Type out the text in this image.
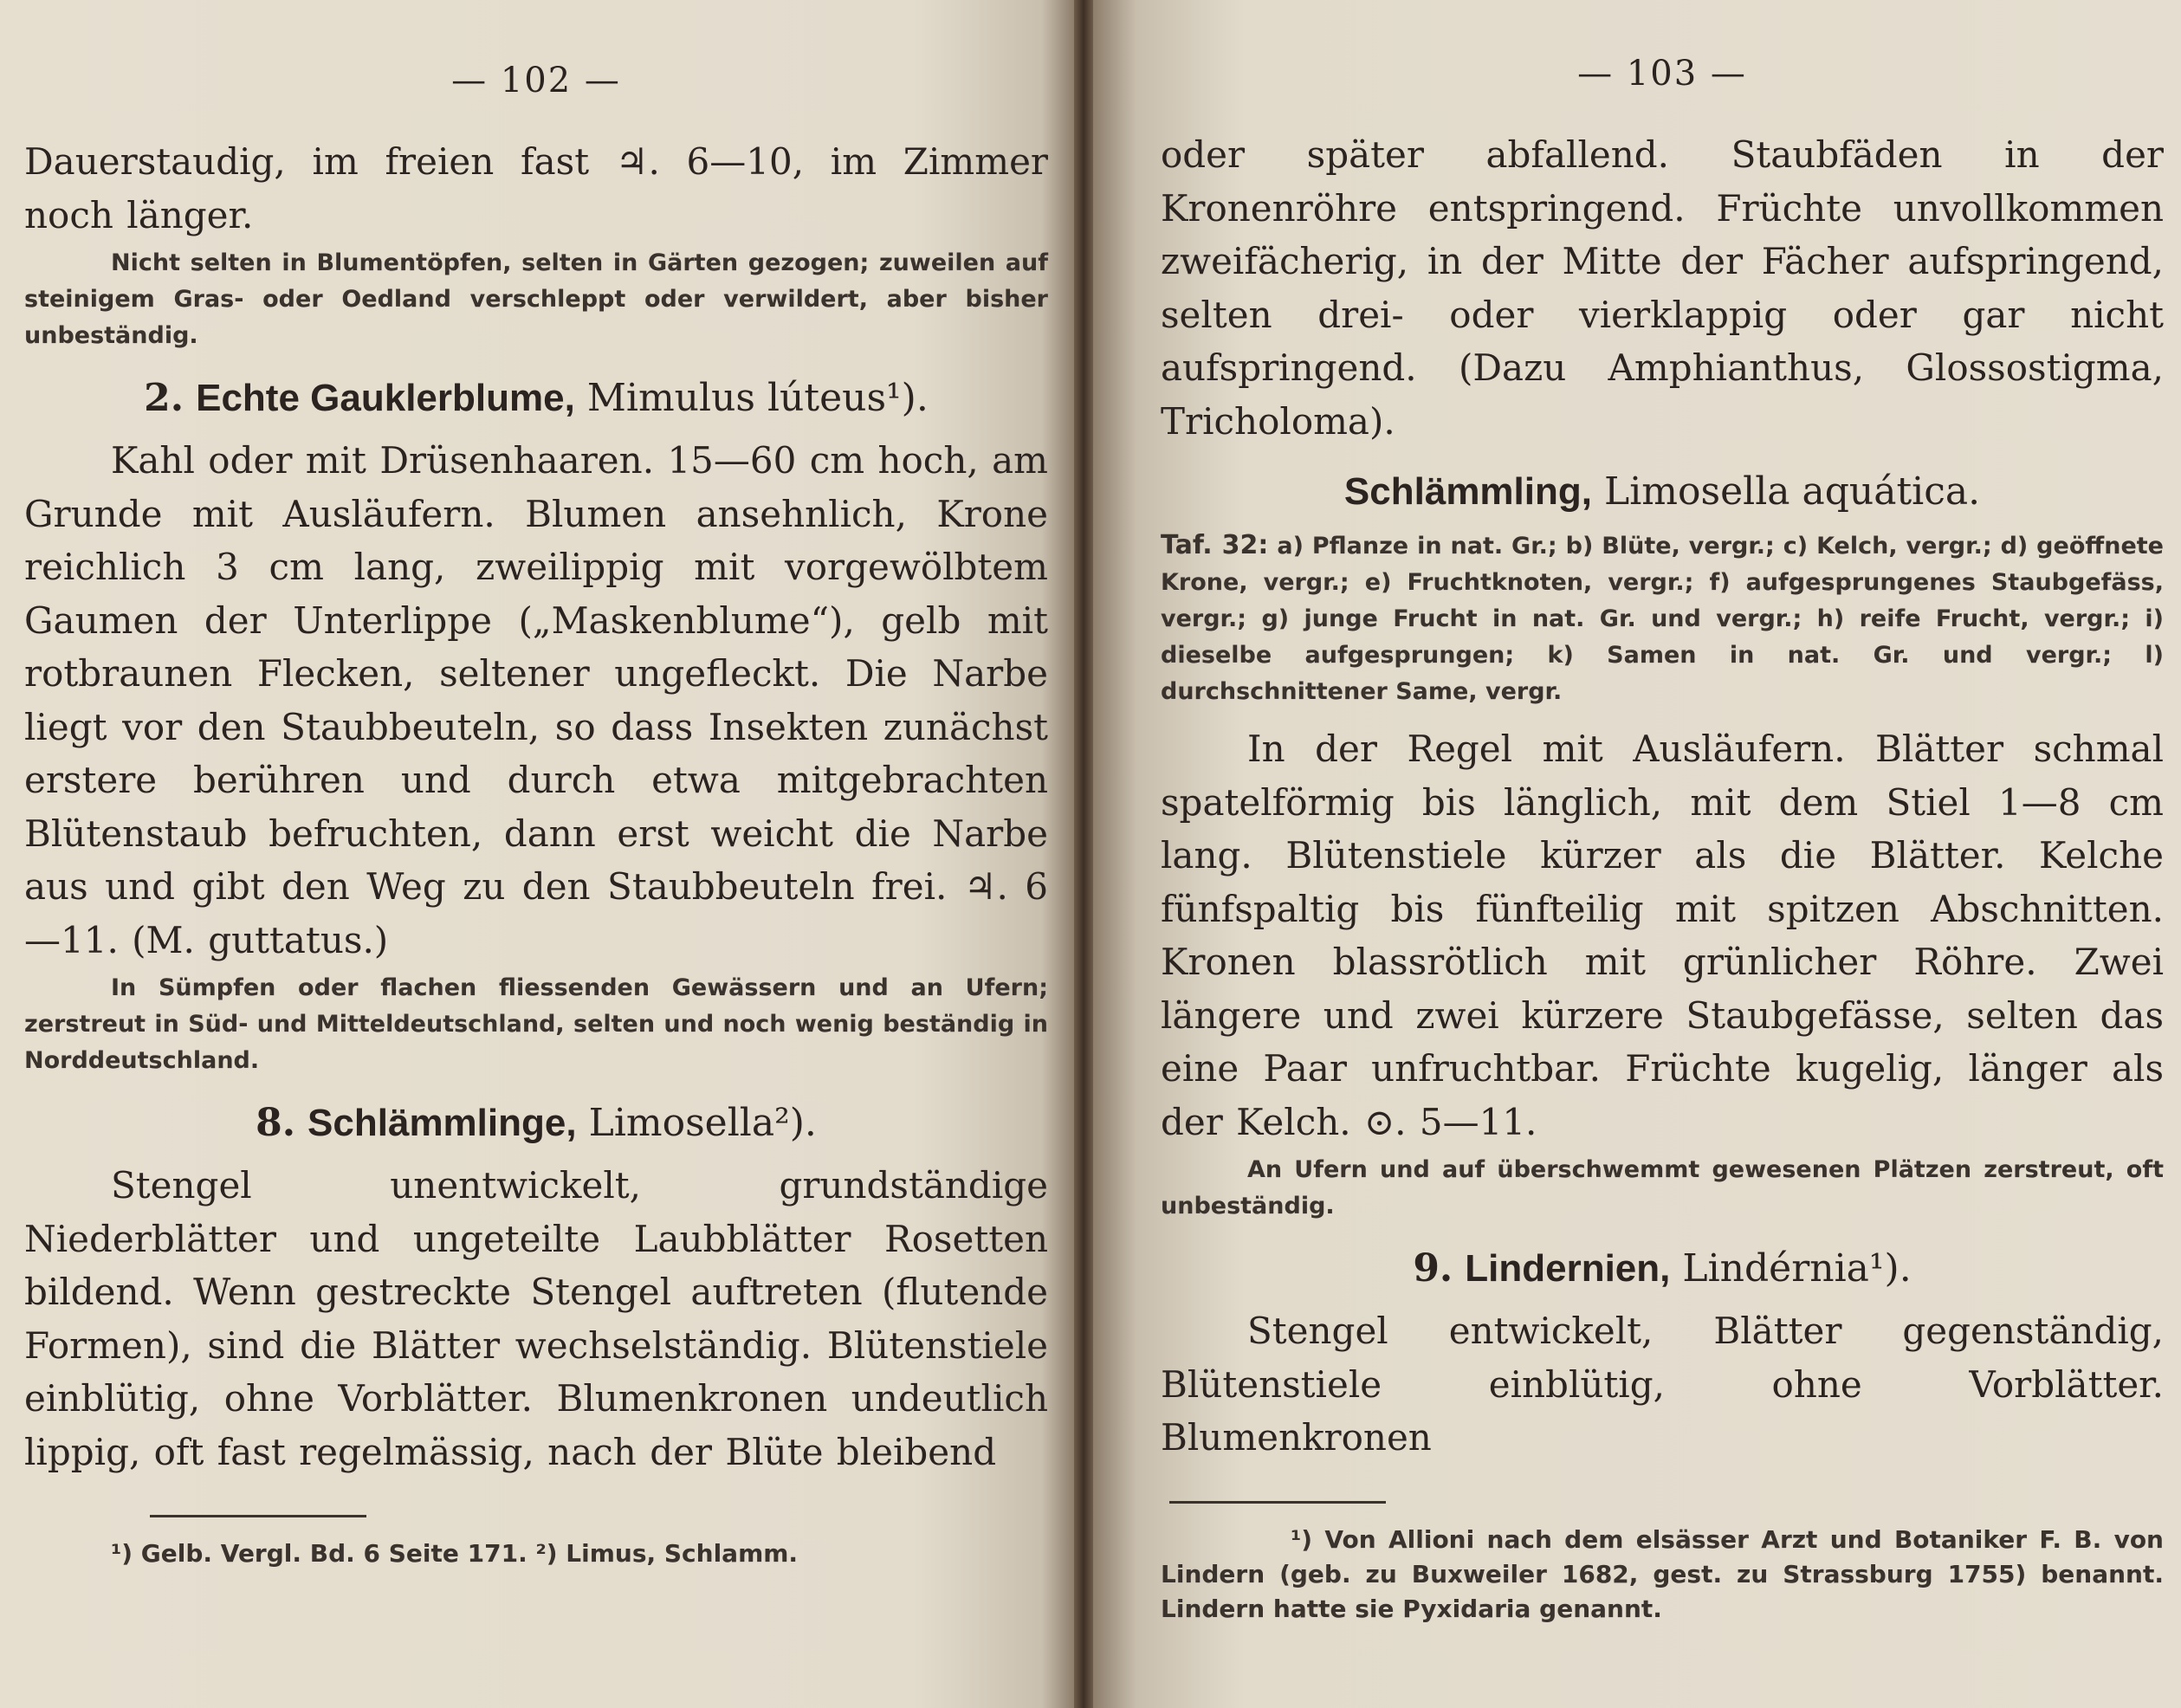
— 102 —

Dauerstaudig, im freien fast ♃. 6—10, im Zimmer noch länger.

Nicht selten in Blumentöpfen, selten in Gärten gezogen; zuweilen auf steinigem Gras- oder Oedland verschleppt oder verwildert, aber bisher unbeständig.

2. Echte Gauklerblume, Mimulus lúteus¹).

Kahl oder mit Drüsenhaaren. 15—60 cm hoch, am Grunde mit Ausläufern. Blumen ansehnlich, Krone reichlich 3 cm lang, zweilippig mit vorgewölbtem Gaumen der Unterlippe („Maskenblume“), gelb mit rotbraunen Flecken, seltener ungefleckt. Die Narbe liegt vor den Staubbeuteln, so dass Insekten zunächst erstere berühren und durch etwa mitgebrachten Blütenstaub befruchten, dann erst weicht die Narbe aus und gibt den Weg zu den Staubbeuteln frei. ♃. 6—11. (M. guttatus.)

In Sümpfen oder flachen fliessenden Gewässern und an Ufern; zerstreut in Süd- und Mitteldeutschland, selten und noch wenig beständig in Norddeutschland.

8. Schlämmlinge, Limosella²).

Stengel unentwickelt, grundständige Niederblätter und ungeteilte Laubblätter Rosetten bildend. Wenn gestreckte Stengel auftreten (flutende Formen), sind die Blätter wechselständig. Blütenstiele einblütig, ohne Vorblätter. Blumenkronen undeutlich lippig, oft fast regelmässig, nach der Blüte bleibend

¹) Gelb. Vergl. Bd. 6 Seite 171. ²) Limus, Schlamm.

— 103 —

oder später abfallend. Staubfäden in der Kronenröhre entspringend. Früchte unvollkommen zweifächerig, in der Mitte der Fächer aufspringend, selten drei- oder vierklappig oder gar nicht aufspringend. (Dazu Amphianthus, Glossostigma, Tricholoma).

Schlämmling, Limosella aquática.

Taf. 32: a) Pflanze in nat. Gr.; b) Blüte, vergr.; c) Kelch, vergr.; d) geöffnete Krone, vergr.; e) Fruchtknoten, vergr.; f) aufgesprungenes Staubgefäss, vergr.; g) junge Frucht in nat. Gr. und vergr.; h) reife Frucht, vergr.; i) dieselbe aufgesprungen; k) Samen in nat. Gr. und vergr.; l) durchschnittener Same, vergr.

In der Regel mit Ausläufern. Blätter schmal spatelförmig bis länglich, mit dem Stiel 1—8 cm lang. Blütenstiele kürzer als die Blätter. Kelche fünfspaltig bis fünfteilig mit spitzen Abschnitten. Kronen blassrötlich mit grünlicher Röhre. Zwei längere und zwei kürzere Staubgefässe, selten das eine Paar unfruchtbar. Früchte kugelig, länger als der Kelch. ⊙. 5—11.

An Ufern und auf überschwemmt gewesenen Plätzen zerstreut, oft unbeständig.

9. Lindernien, Lindérnia¹).

Stengel entwickelt, Blätter gegenständig, Blütenstiele einblütig, ohne Vorblätter. Blumenkronen

¹) Von Allioni nach dem elsässer Arzt und Botaniker F. B. von Lindern (geb. zu Buxweiler 1682, gest. zu Strassburg 1755) benannt. Lindern hatte sie Pyxidaria genannt.
